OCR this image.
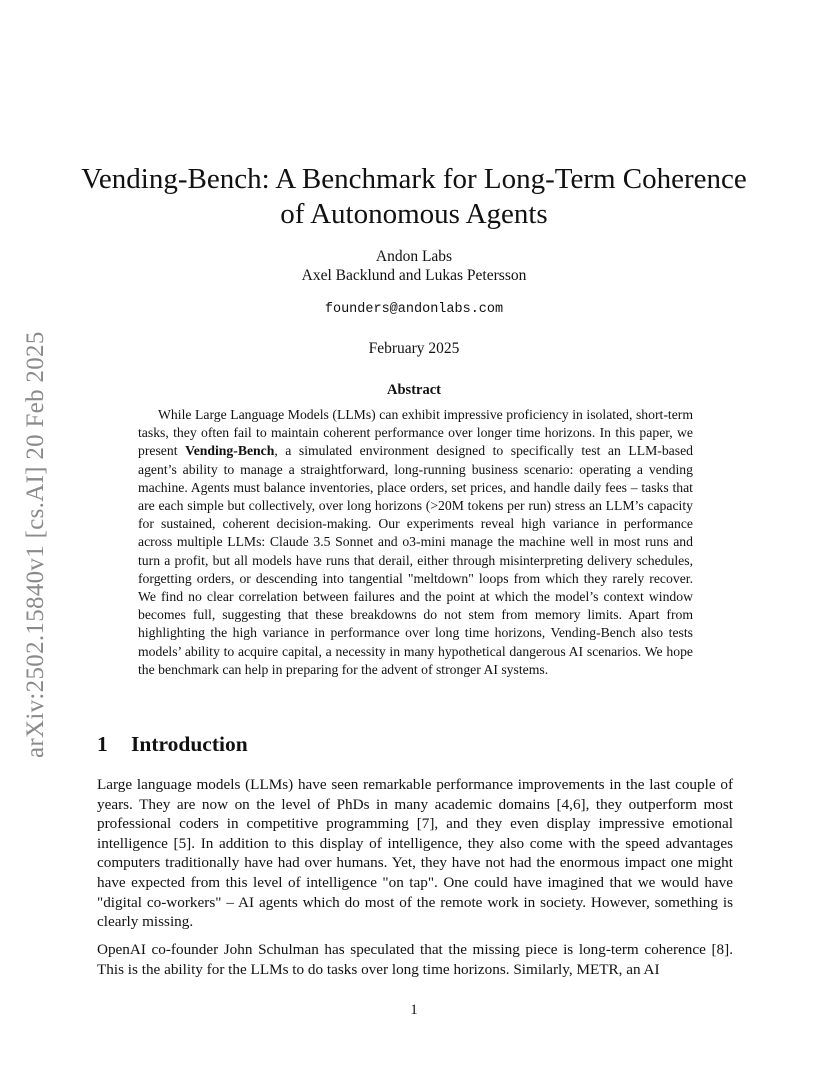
arXiv:2502.15840v1 [cs.AI] 20 Feb 2025
Vending-Bench: A Benchmark for Long-Term Coherence
of Autonomous Agents
Andon Labs
Axel Backlund and Lukas Petersson
founders@andonlabs.com
February 2025
Abstract

While Large Language Models (LLMs) can exhibit impressive proficiency in isolated, short-term tasks, they often fail to maintain coherent performance over longer time horizons. In this paper, we present Vending-Bench, a simulated environment designed to specifically test an LLM-based agent’s ability to manage a straightforward, long-running business scenario: operating a vending machine. Agents must balance inventories, place orders, set prices, and handle daily fees – tasks that are each simple but collectively, over long horizons (>20M tokens per run) stress an LLM’s capacity for sustained, coherent decision-making. Our experiments reveal high variance in performance across multiple LLMs: Claude 3.5 Sonnet and o3-mini manage the machine well in most runs and turn a profit, but all models have runs that derail, either through misinterpreting delivery schedules, forgetting orders, or descending into tangential "meltdown" loops from which they rarely recover. We find no clear correlation between failures and the point at which the model’s context window becomes full, suggesting that these breakdowns do not stem from memory limits. Apart from highlighting the high variance in performance over long time horizons, Vending-Bench also tests models’ ability to acquire capital, a necessity in many hypothetical dangerous AI scenarios. We hope the benchmark can help in preparing for the advent of stronger AI systems.

1 Introduction

Large language models (LLMs) have seen remarkable performance improvements in the last couple of years. They are now on the level of PhDs in many academic domains [4,6], they outperform most professional coders in competitive programming [7], and they even display impressive emotional intelligence [5]. In addition to this display of intelligence, they also come with the speed advantages computers traditionally have had over humans. Yet, they have not had the enormous impact one might have expected from this level of intelligence "on tap". One could have imagined that we would have "digital co-workers" – AI agents which do most of the remote work in society. However, something is clearly missing.

OpenAI co-founder John Schulman has speculated that the missing piece is long-term coherence [8]. This is the ability for the LLMs to do tasks over long time horizons. Similarly, METR, an AI

1
